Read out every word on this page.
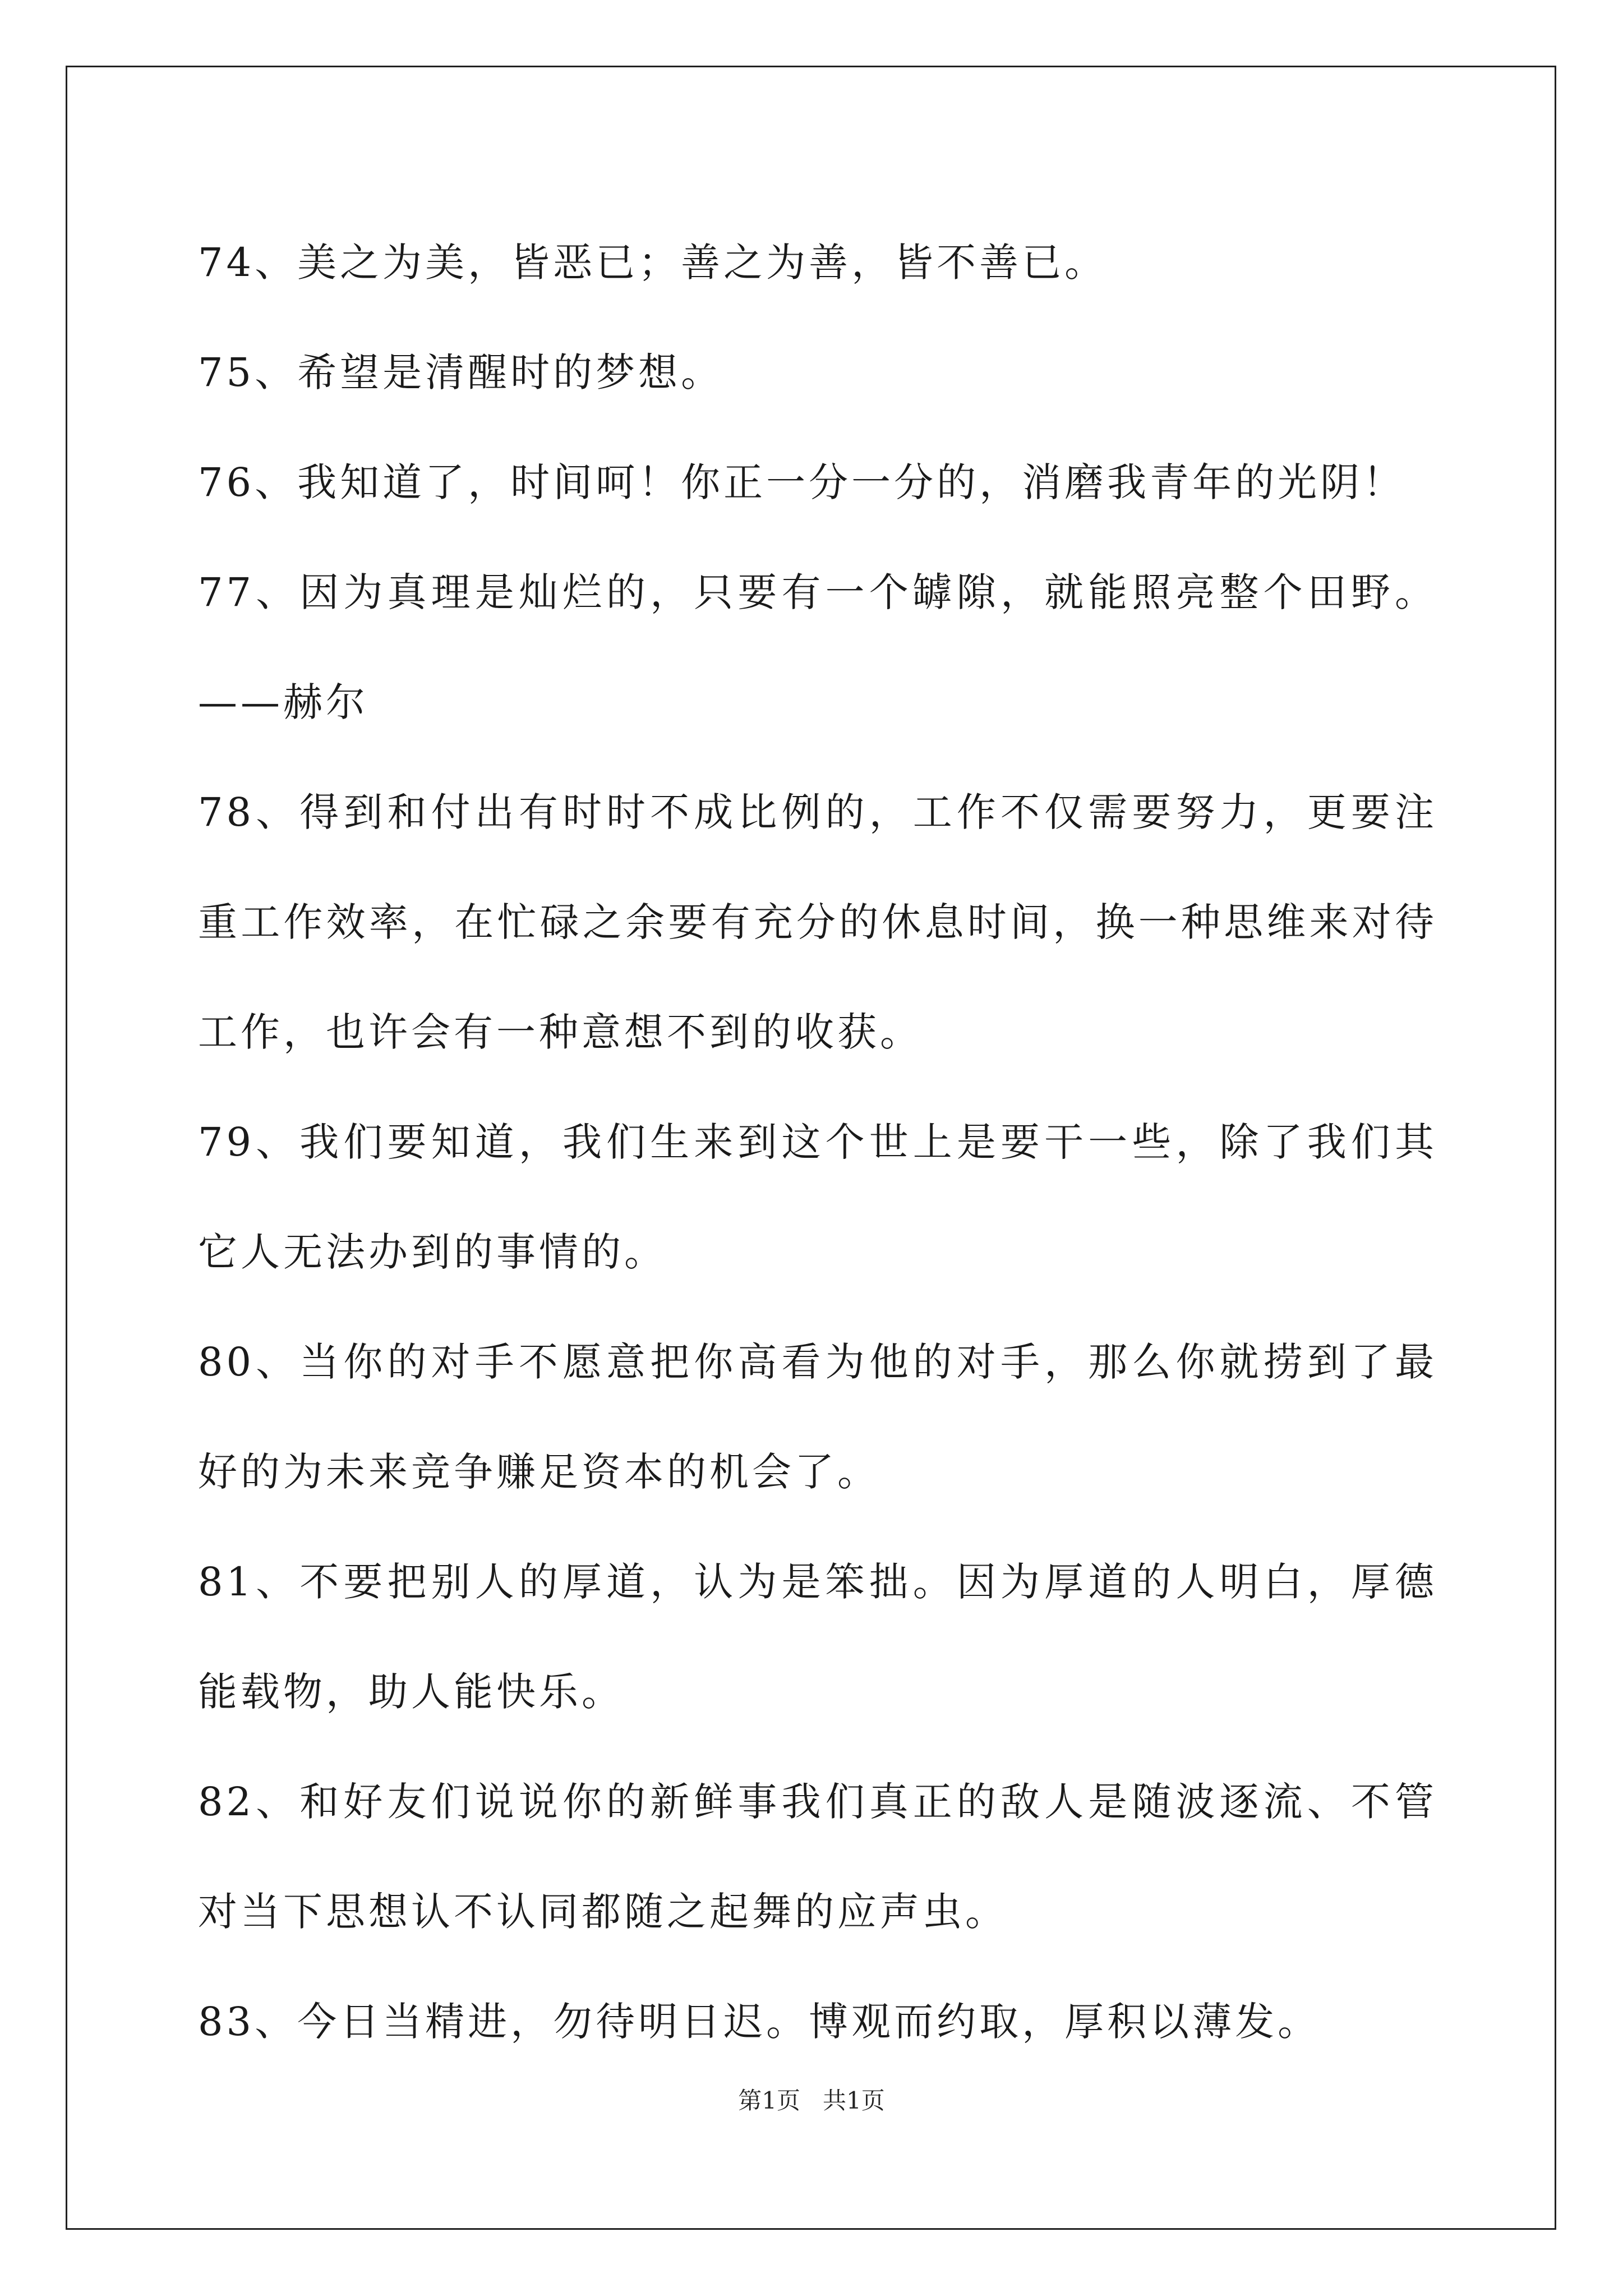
74、美之为美，皆恶已；善之为善，皆不善已。

75、希望是清醒时的梦想。

76、我知道了，时间呵！你正一分一分的，消磨我青年的光阴！

77、因为真理是灿烂的，只要有一个罅隙，就能照亮整个田野。——赫尔

78、得到和付出有时时不成比例的，工作不仅需要努力，更要注重工作效率，在忙碌之余要有充分的休息时间，换一种思维来对待工作，也许会有一种意想不到的收获。

79、我们要知道，我们生来到这个世上是要干一些，除了我们其它人无法办到的事情的。

80、当你的对手不愿意把你高看为他的对手，那么你就捞到了最好的为未来竞争赚足资本的机会了。

81、不要把别人的厚道，认为是笨拙。因为厚道的人明白，厚德能载物，助人能快乐。

82、和好友们说说你的新鲜事我们真正的敌人是随波逐流、不管对当下思想认不认同都随之起舞的应声虫。

83、今日当精进，勿待明日迟。博观而约取，厚积以薄发。

第1页   共1页
